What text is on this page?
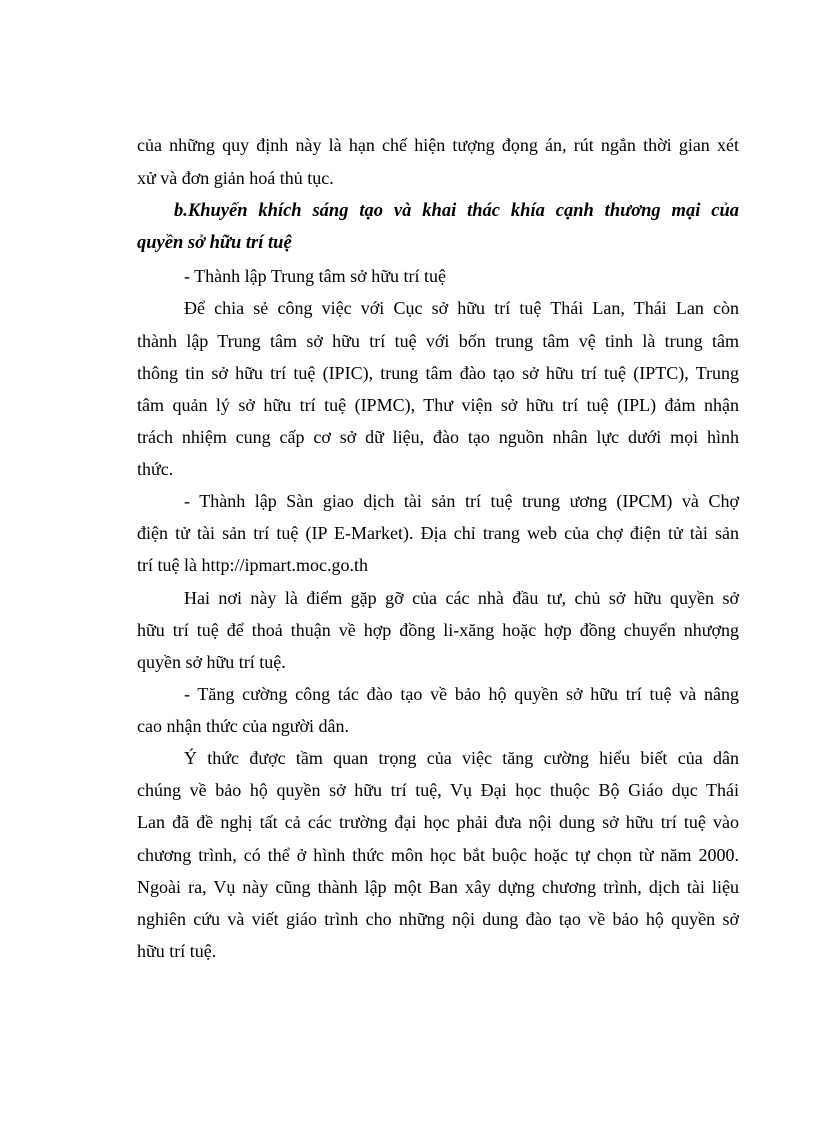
của những quy định này là hạn chế hiện tượng đọng án, rút ngắn thời gian xét
xử và đơn giản hoá thủ tục.
b.Khuyến khích sáng tạo và khai thác khía cạnh thương mại của
quyền sở hữu trí tuệ
- Thành lập Trung tâm sở hữu trí tuệ
Để chia sẻ công việc với Cục sở hữu trí tuệ Thái Lan, Thái Lan còn
thành lập Trung tâm sở hữu trí tuệ với bốn trung tâm vệ tinh là trung tâm
thông tin sở hữu trí tuệ (IPIC), trung tâm đào tạo sở hữu trí tuệ (IPTC), Trung
tâm quản lý sở hữu trí tuệ (IPMC), Thư viện sở hữu trí tuệ (IPL) đảm nhận
trách nhiệm cung cấp cơ sở dữ liệu, đào tạo nguồn nhân lực dưới mọi hình
thức.
- Thành lập Sàn giao dịch tài sản trí tuệ trung ương (IPCM) và Chợ
điện tử tài sản trí tuệ (IP E-Market). Địa chỉ trang web của chợ điện tử tài sản
trí tuệ là http://ipmart.moc.go.th
Hai nơi này là điểm gặp gỡ của các nhà đầu tư, chủ sở hữu quyền sở
hữu trí tuệ để thoả thuận về hợp đồng li-xăng hoặc hợp đồng chuyển nhượng
quyền sở hữu trí tuệ.
- Tăng cường công tác đào tạo về bảo hộ quyền sở hữu trí tuệ và nâng
cao nhận thức của người dân.
Ý thức được tầm quan trọng của việc tăng cường hiểu biết của dân
chúng về bảo hộ quyền sở hữu trí tuệ, Vụ Đại học thuộc Bộ Giáo dục Thái
Lan đã đề nghị tất cả các trường đại học phải đưa nội dung sở hữu trí tuệ vào
chương trình, có thể ở hình thức môn học bắt buộc hoặc tự chọn từ năm 2000.
Ngoài ra, Vụ này cũng thành lập một Ban xây dựng chương trình, dịch tài liệu
nghiên cứu và viết giáo trình cho những nội dung đào tạo về bảo hộ quyền sở
hữu trí tuệ.
